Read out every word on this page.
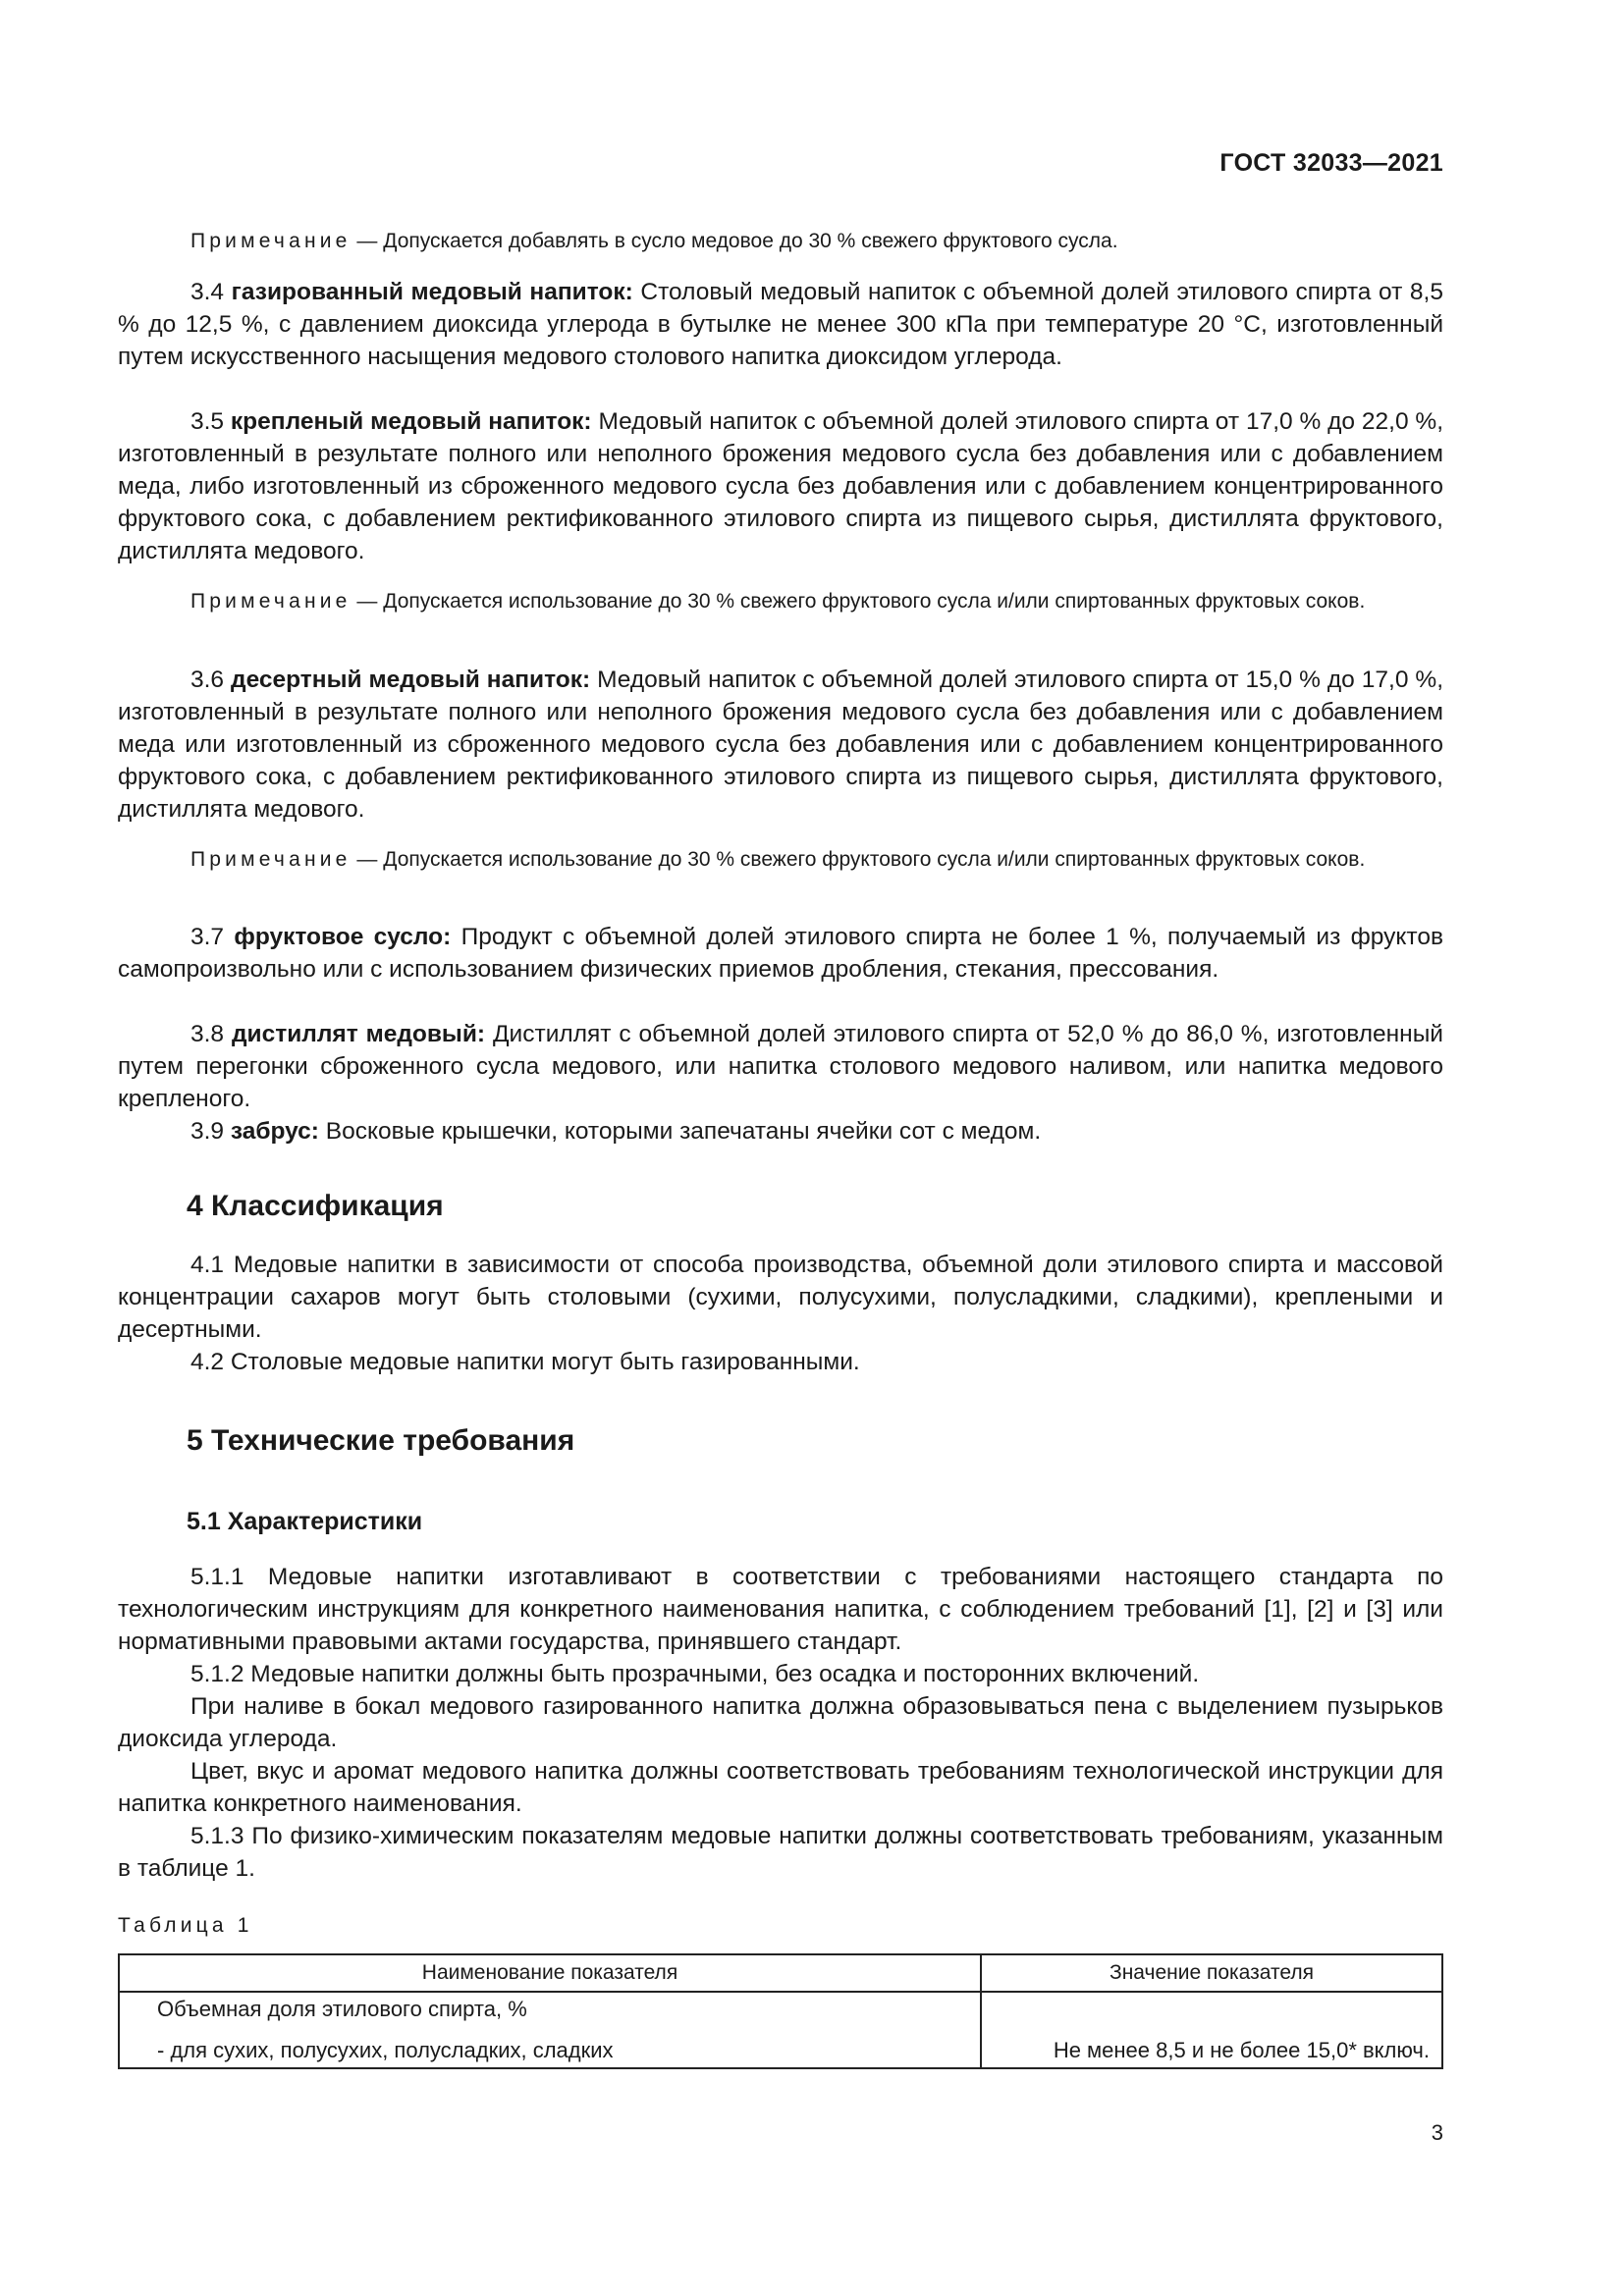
ГОСТ 32033—2021

Примечание — Допускается добавлять в сусло медовое до 30 % свежего фруктового сусла.

3.4 газированный медовый напиток: Столовый медовый напиток с объемной долей этилового спирта от 8,5 % до 12,5 %, с давлением диоксида углерода в бутылке не менее 300 кПа при температуре 20 °С, изготовленный путем искусственного насыщения медового столового напитка диоксидом углерода.

3.5 крепленый медовый напиток: Медовый напиток с объемной долей этилового спирта от 17,0 % до 22,0 %, изготовленный в результате полного или неполного брожения медового сусла без добавления или с добавлением меда, либо изготовленный из сброженного медового сусла без добавления или с добавлением концентрированного фруктового сока, с добавлением ректификованного этилового спирта из пищевого сырья, дистиллята фруктового, дистиллята медового.

Примечание — Допускается использование до 30 % свежего фруктового сусла и/или спиртованных фруктовых соков.

3.6 десертный медовый напиток: Медовый напиток с объемной долей этилового спирта от 15,0 % до 17,0 %, изготовленный в результате полного или неполного брожения медового сусла без добавления или с добавлением меда или изготовленный из сброженного медового сусла без добавления или с добавлением концентрированного фруктового сока, с добавлением ректификованного этилового спирта из пищевого сырья, дистиллята фруктового, дистиллята медового.

Примечание — Допускается использование до 30 % свежего фруктового сусла и/или спиртованных фруктовых соков.

3.7 фруктовое сусло: Продукт с объемной долей этилового спирта не более 1 %, получаемый из фруктов самопроизвольно или с использованием физических приемов дробления, стекания, прессования.

3.8 дистиллят медовый: Дистиллят с объемной долей этилового спирта от 52,0 % до 86,0 %, изготовленный путем перегонки сброженного сусла медового, или напитка столового медового наливом, или напитка медового крепленого.

3.9 забрус: Восковые крышечки, которыми запечатаны ячейки сот с медом.

4 Классификация

4.1 Медовые напитки в зависимости от способа производства, объемной доли этилового спирта и массовой концентрации сахаров могут быть столовыми (сухими, полусухими, полусладкими, сладкими), креплеными и десертными.

4.2 Столовые медовые напитки могут быть газированными.

5 Технические требования
5.1 Характеристики

5.1.1 Медовые напитки изготавливают в соответствии с требованиями настоящего стандарта по технологическим инструкциям для конкретного наименования напитка, с соблюдением требований [1], [2] и [3] или нормативными правовыми актами государства, принявшего стандарт.

5.1.2 Медовые напитки должны быть прозрачными, без осадка и посторонних включений.

При наливе в бокал медового газированного напитка должна образовываться пена с выделением пузырьков диоксида углерода.

Цвет, вкус и аромат медового напитка должны соответствовать требованиям технологической инструкции для напитка конкретного наименования.

5.1.3 По физико-химическим показателям медовые напитки должны соответствовать требованиям, указанным в таблице 1.

Таблица 1

Наименование показателя	Значение показателя
Объемная доля этилового спирта, %	
- для сухих, полусухих, полусладких, сладких	Не менее 8,5 и не более 15,0* включ.
3
